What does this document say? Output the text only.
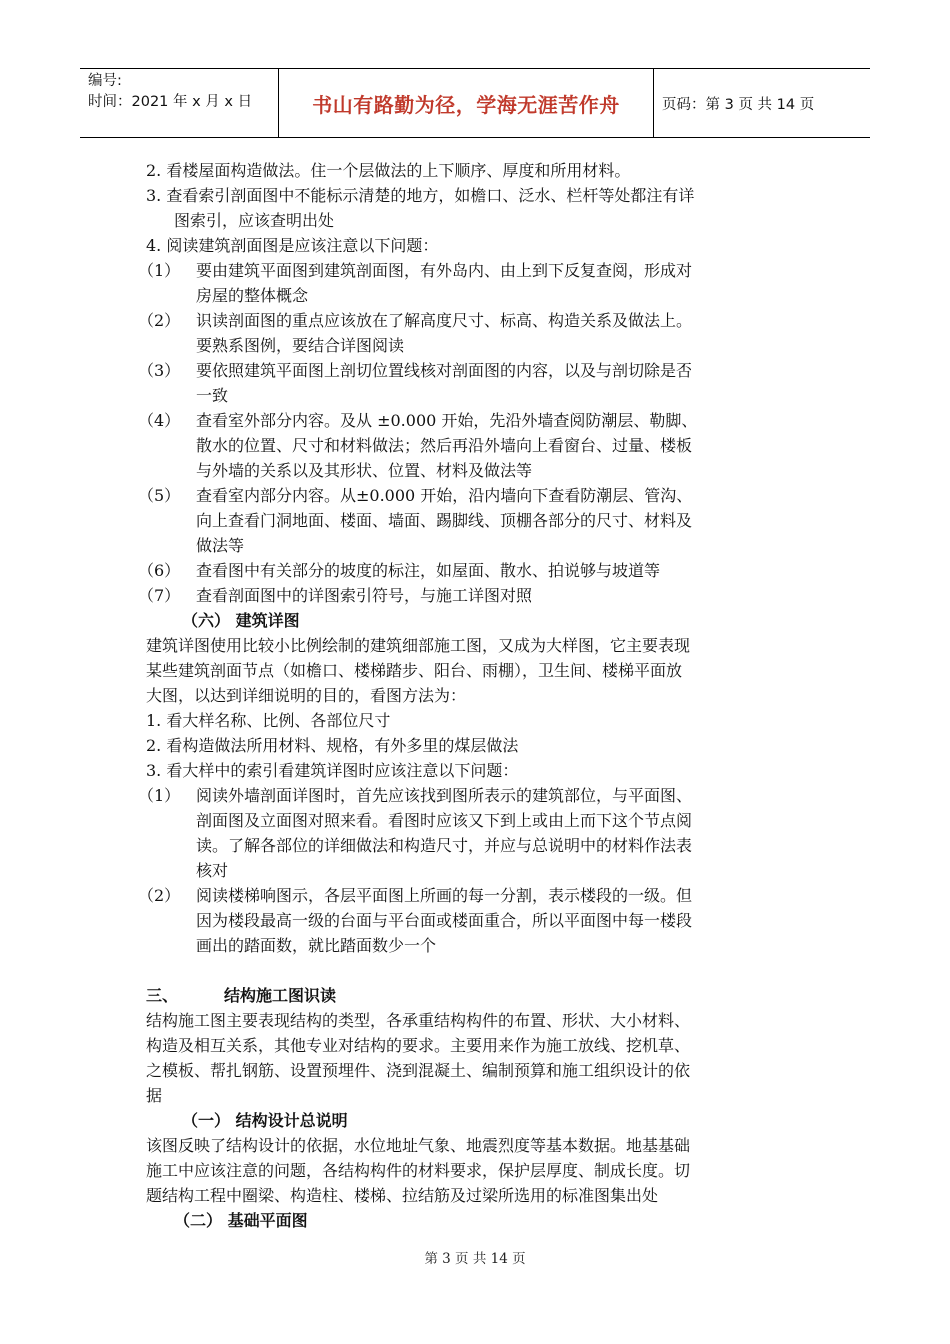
编号:
时间：2021 年 x 月 x 日	书山有路勤为径，学海无涯苦作舟	页码：第 3 页 共 14 页
2. 看楼屋面构造做法。住一个层做法的上下顺序、厚度和所用材料。
3. 查看索引剖面图中不能标示清楚的地方，如檐口、泛水、栏杆等处都注有详
图索引，应该查明出处
4. 阅读建筑剖面图是应该注意以下问题：
（1） 要由建筑平面图到建筑剖面图，有外岛内、由上到下反复查阅，形成对
房屋的整体概念
（2） 识读剖面图的重点应该放在了解高度尺寸、标高、构造关系及做法上。
要熟系图例，要结合详图阅读
（3） 要依照建筑平面图上剖切位置线核对剖面图的内容，以及与剖切除是否
一致
（4） 查看室外部分内容。及从 ±0.000 开始，先沿外墙查阅防潮层、勒脚、
散水的位置、尺寸和材料做法；然后再沿外墙向上看窗台、过量、楼板
与外墙的关系以及其形状、位置、材料及做法等
（5） 查看室内部分内容。从±0.000 开始，沿内墙向下查看防潮层、管沟、
向上查看门洞地面、楼面、墙面、踢脚线、顶棚各部分的尺寸、材料及
做法等
（6） 查看图中有关部分的坡度的标注，如屋面、散水、拍说够与坡道等
（7） 查看剖面图中的详图索引符号，与施工详图对照
（六） 建筑详图
建筑详图使用比较小比例绘制的建筑细部施工图，又成为大样图，它主要表现
某些建筑剖面节点（如檐口、楼梯踏步、阳台、雨棚），卫生间、楼梯平面放
大图，以达到详细说明的目的，看图方法为：
1. 看大样名称、比例、各部位尺寸
2. 看构造做法所用材料、规格，有外多里的煤层做法
3. 看大样中的索引看建筑详图时应该注意以下问题：
（1） 阅读外墙剖面详图时，首先应该找到图所表示的建筑部位，与平面图、
剖面图及立面图对照来看。看图时应该又下到上或由上而下这个节点阅
读。了解各部位的详细做法和构造尺寸，并应与总说明中的材料作法表
核对
（2） 阅读楼梯响图示，各层平面图上所画的每一分割，表示楼段的一级。但
因为楼段最高一级的台面与平台面或楼面重合，所以平面图中每一楼段
画出的踏面数，就比踏面数少一个
三、	结构施工图识读
结构施工图主要表现结构的类型，各承重结构构件的布置、形状、大小材料、
构造及相互关系，其他专业对结构的要求。主要用来作为施工放线、挖机草、
之模板、帮扎钢筋、设置预埋件、浇到混凝土、编制预算和施工组织设计的依
据
（一） 结构设计总说明
该图反映了结构设计的依据，水位地址气象、地震烈度等基本数据。地基基础
施工中应该注意的问题，各结构构件的材料要求，保护层厚度、制成长度。切
题结构工程中圈梁、构造柱、楼梯、拉结筋及过梁所选用的标准图集出处
（二） 基础平面图
第 3 页 共 14 页
